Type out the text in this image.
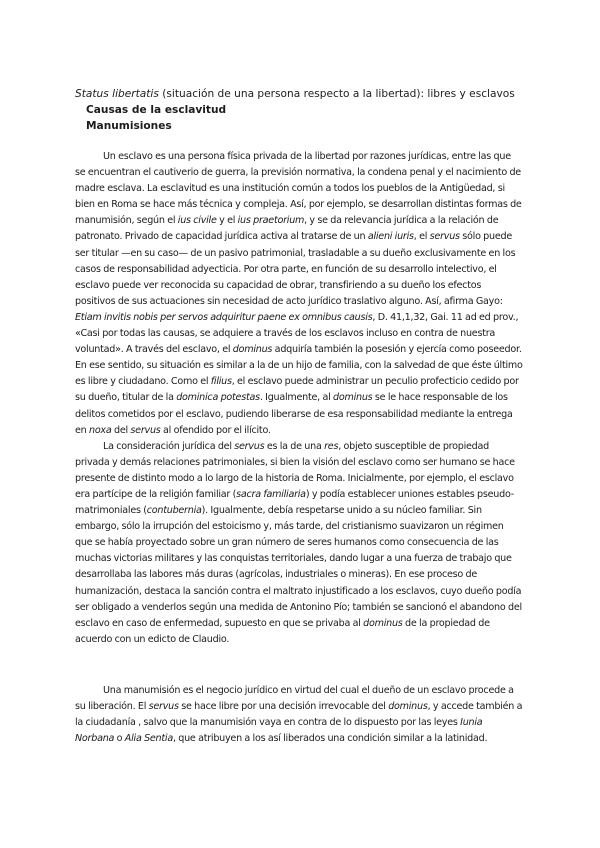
Status libertatis (situación de una persona respecto a la libertad): libres y esclavos
Causas de la esclavitud
Manumisiones

Un esclavo es una persona física privada de la libertad por razones jurídicas, entre las que se encuentran el cautiverio de guerra, la previsión normativa, la condena penal y el nacimiento de madre esclava. La esclavitud es una institución común a todos los pueblos de la Antigüedad, si bien en Roma se hace más técnica y compleja. Así, por ejemplo, se desarrollan distintas formas de manumisión, según el ius civile y el ius praetorium, y se da relevancia jurídica a la relación de patronato. Privado de capacidad jurídica activa al tratarse de un alieni iuris, el servus sólo puede ser titular —en su caso— de un pasivo patrimonial, trasladable a su dueño exclusivamente en los casos de responsabilidad adyecticia. Por otra parte, en función de su desarrollo intelectivo, el esclavo puede ver reconocida su capacidad de obrar, transfiriendo a su dueño los efectos positivos de sus actuaciones sin necesidad de acto jurídico traslativo alguno. Así, afirma Gayo: Etiam invitis nobis per servos adquiritur paene ex omnibus causis, D. 41,1,32, Gai. 11 ad ed prov., «Casi por todas las causas, se adquiere a través de los esclavos incluso en contra de nuestra voluntad». A través del esclavo, el dominus adquiría también la posesión y ejercía como poseedor. En ese sentido, su situación es similar a la de un hijo de familia, con la salvedad de que éste último es libre y ciudadano. Como el filius, el esclavo puede administrar un peculio profecticio cedido por su dueño, titular de la dominica potestas. Igualmente, al dominus se le hace responsable de los delitos cometidos por el esclavo, pudiendo liberarse de esa responsabilidad mediante la entrega en noxa del servus al ofendido por el ilícito.

La consideración jurídica del servus es la de una res, objeto susceptible de propiedad privada y demás relaciones patrimoniales, si bien la visión del esclavo como ser humano se hace presente de distinto modo a lo largo de la historia de Roma. Inicialmente, por ejemplo, el esclavo era partícipe de la religión familiar (sacra familiaria) y podía establecer uniones estables pseudo-matrimoniales (contubernia). Igualmente, debía respetarse unido a su núcleo familiar. Sin embargo, sólo la irrupción del estoicismo y, más tarde, del cristianismo suavizaron un régimen que se había proyectado sobre un gran número de seres humanos como consecuencia de las muchas victorias militares y las conquistas territoriales, dando lugar a una fuerza de trabajo que desarrollaba las labores más duras (agrícolas, industriales o mineras). En ese proceso de humanización, destaca la sanción contra el maltrato injustificado a los esclavos, cuyo dueño podía ser obligado a venderlos según una medida de Antonino Pío; también se sancionó el abandono del esclavo en caso de enfermedad, supuesto en que se privaba al dominus de la propiedad de acuerdo con un edicto de Claudio.

Una manumisión es el negocio jurídico en virtud del cual el dueño de un esclavo procede a su liberación. El servus se hace libre por una decisión irrevocable del dominus, y accede también a la ciudadanía , salvo que la manumisión vaya en contra de lo dispuesto por las leyes Iunia Norbana o Alia Sentia, que atribuyen a los así liberados una condición similar a la latinidad.
